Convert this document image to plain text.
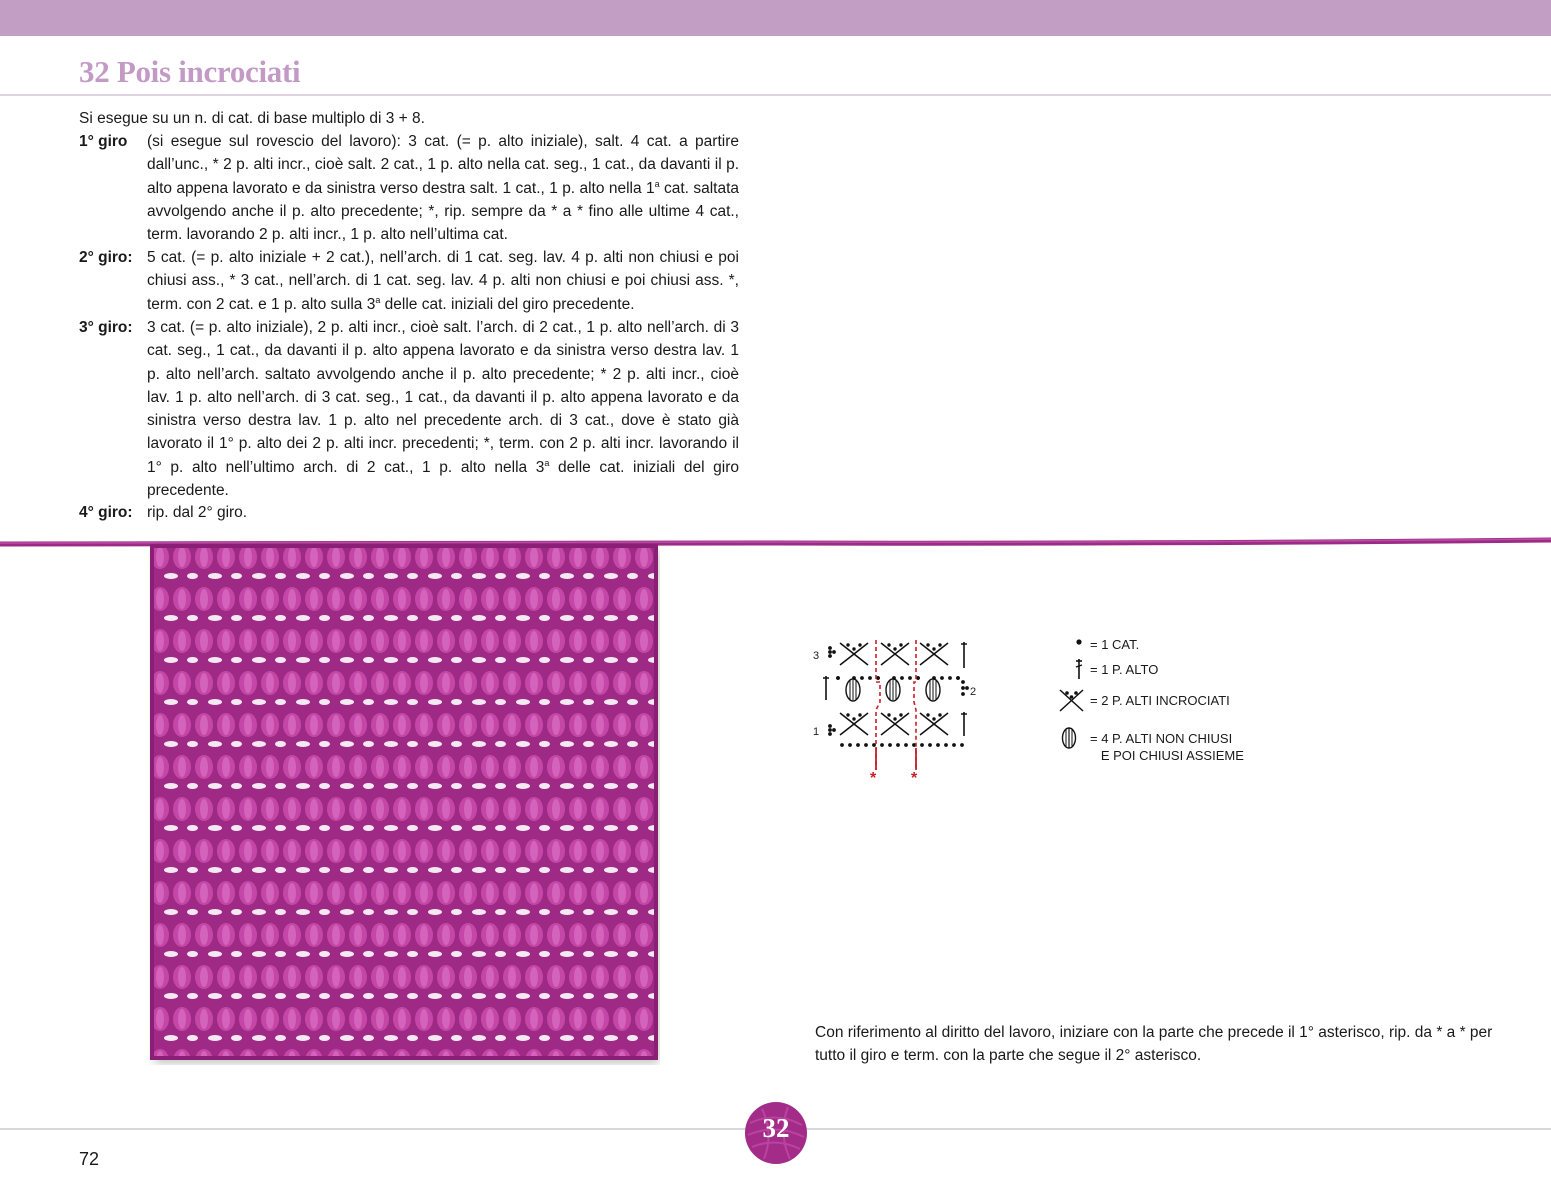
32 Pois incrociati
Si esegue su un n. di cat. di base multiplo di 3 + 8.
1° giro (si esegue sul rovescio del lavoro): 3 cat. (= p. alto iniziale), salt. 4 cat. a partire dall’unc., * 2 p. alti incr., cioè salt. 2 cat., 1 p. alto nella cat. seg., 1 cat., da davanti il p. alto appena lavorato e da sinistra verso destra salt. 1 cat., 1 p. alto nella 1$^a$ cat. saltata avvolgendo anche il p. alto precedente; *, rip. sempre da * a * fino alle ultime 4 cat., term. lavorando 2 p. alti incr., 1 p. alto nell’ultima cat.
2° giro: 5 cat. (= p. alto iniziale + 2 cat.), nell’arch. di 1 cat. seg. lav. 4 p. alti non chiusi e poi chiusi ass., * 3 cat., nell’arch. di 1 cat. seg. lav. 4 p. alti non chiusi e poi chiusi ass. *, term. con 2 cat. e 1 p. alto sulla 3$^a$ delle cat. iniziali del giro precedente.
3° giro: 3 cat. (= p. alto iniziale), 2 p. alti incr., cioè salt. l’arch. di 2 cat., 1 p. alto nell’arch. di 3 cat. seg., 1 cat., da davanti il p. alto appena lavorato e da sinistra verso destra lav. 1 p. alto nell’arch. saltato avvolgendo anche il p. alto precedente; * 2 p. alti incr., cioè lav. 1 p. alto nell’arch. di 3 cat. seg., 1 cat., da davanti il p. alto appena lavorato e da sinistra verso destra lav. 1 p. alto nel precedente arch. di 3 cat., dove è stato già lavorato il 1° p. alto dei 2 p. alti incr. precedenti; *, term. con 2 p. alti incr. lavorando il 1° p. alto nell’ultimo arch. di 2 cat., 1 p. alto nella 3$^a$ delle cat. iniziali del giro precedente.
4° giro: rip. dal 2° giro.
3
2
1
* *
= 1 CAT.
= 1 P. ALTO
= 2 P. ALTI INCROCIATI
= 4 P. ALTI NON CHIUSI
E POI CHIUSI ASSIEME
Con riferimento al diritto del lavoro, iniziare con la parte che precede il 1° asterisco, rip. da * a * per tutto il giro e term. con la parte che segue il 2° asterisco.
32
72
